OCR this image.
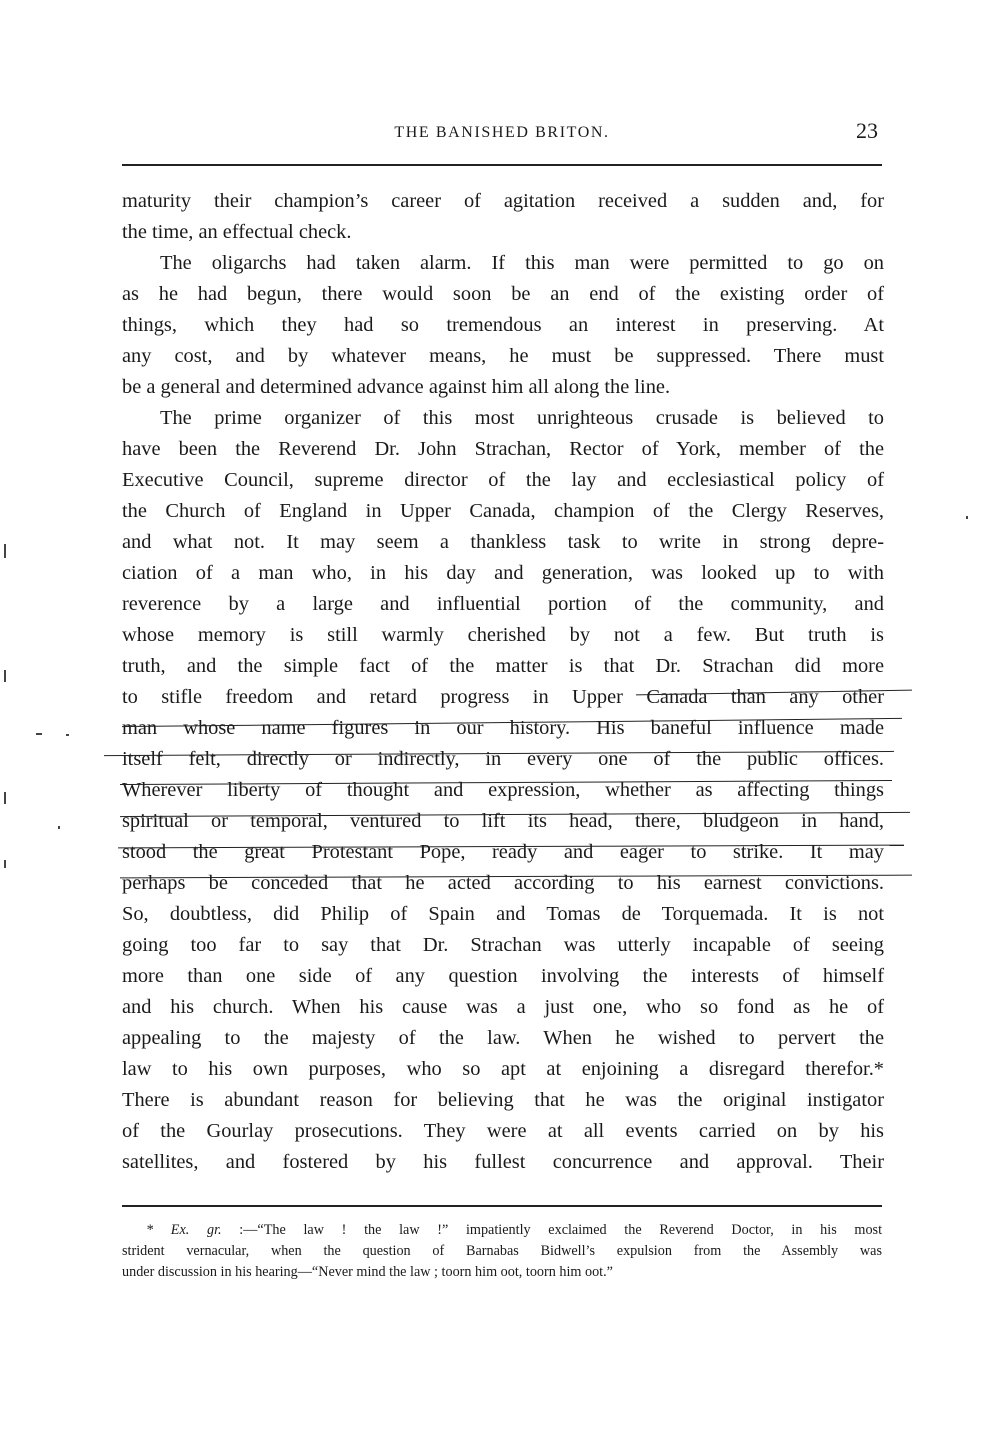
THE BANISHED BRITON.	23
maturity their champion’s career of agitation received a sudden and, for
the time, an effectual check.
The oligarchs had taken alarm. If this man were permitted to go on
as he had begun, there would soon be an end of the existing order of
things, which they had so tremendous an interest in preserving. At
any cost, and by whatever means, he must be suppressed. There must
be a general and determined advance against him all along the line.
The prime organizer of this most unrighteous crusade is believed to
have been the Reverend Dr. John Strachan, Rector of York, member of the
Executive Council, supreme director of the lay and ecclesiastical policy of
the Church of England in Upper Canada, champion of the Clergy Reserves,
and what not. It may seem a thankless task to write in strong depre-
ciation of a man who, in his day and generation, was looked up to with
reverence by a large and influential portion of the community, and
whose memory is still warmly cherished by not a few. But truth is
truth, and the simple fact of the matter is that Dr. Strachan did more
to stifle freedom and retard progress in Upper Canada than any other
man whose name figures in our history. His baneful influence made
itself felt, directly or indirectly, in every one of the public offices.
Wherever liberty of thought and expression, whether as affecting things
spiritual or temporal, ventured to lift its head, there, bludgeon in hand,
stood the great Protestant Pope, ready and eager to strike. It may
perhaps be conceded that he acted according to his earnest convictions.
So, doubtless, did Philip of Spain and Tomas de Torquemada. It is not
going too far to say that Dr. Strachan was utterly incapable of seeing
more than one side of any question involving the interests of himself
and his church. When his cause was a just one, who so fond as he of
appealing to the majesty of the law. When he wished to pervert the
law to his own purposes, who so apt at enjoining a disregard therefor.*
There is abundant reason for believing that he was the original instigator
of the Gourlay prosecutions. They were at all events carried on by his
satellites, and fostered by his fullest concurrence and approval. Their
* Ex. gr. :—“The law ! the law !” impatiently exclaimed the Reverend Doctor, in his most
strident vernacular, when the question of Barnabas Bidwell’s expulsion from the Assembly was
under discussion in his hearing—“Never mind the law ; toorn him oot, toorn him oot.”
